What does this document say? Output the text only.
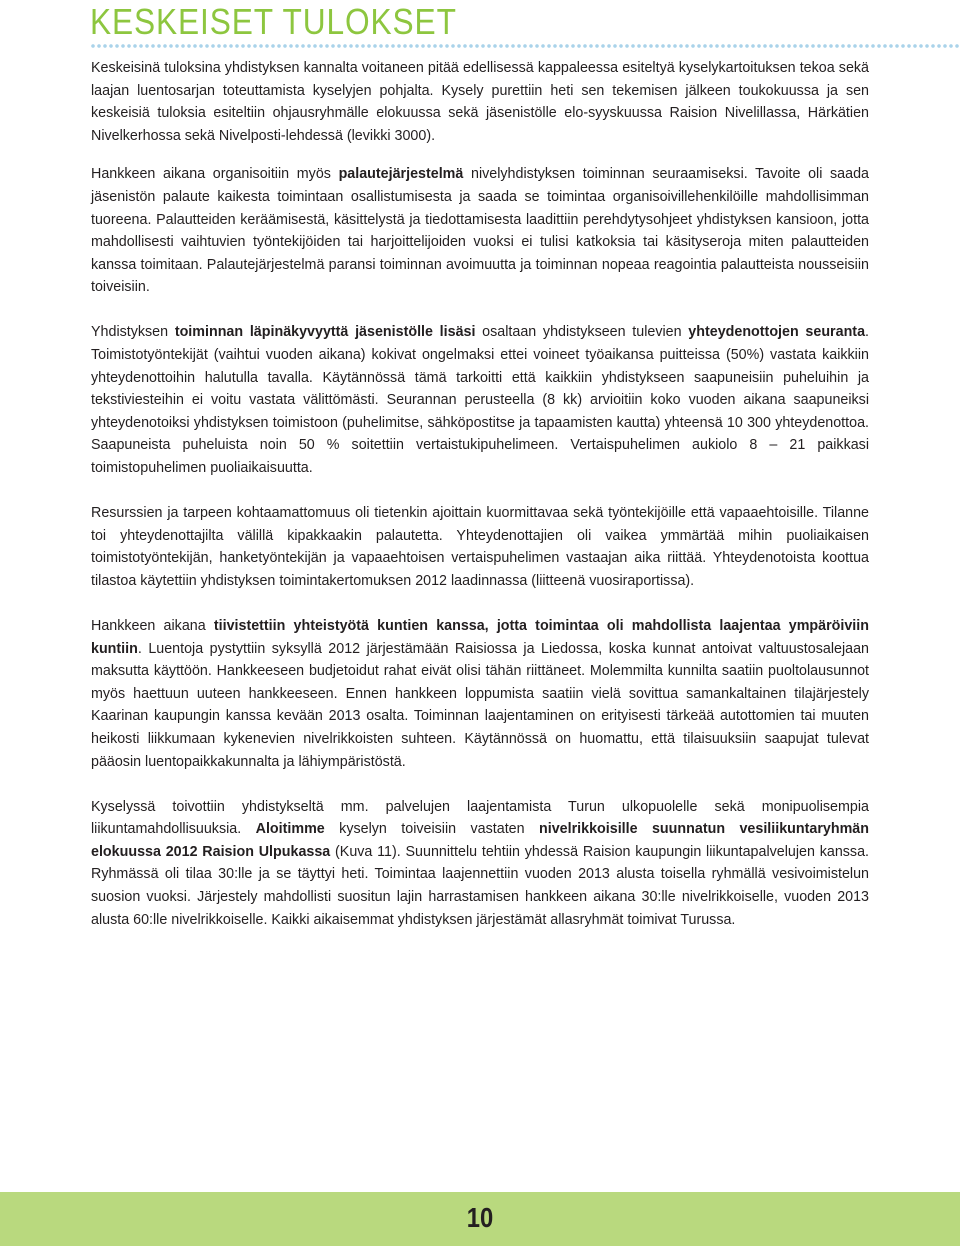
KESKEISET TULOKSET

Keskeisinä tuloksina yhdistyksen kannalta voitaneen pitää edellisessä kappaleessa esiteltyä kyselykartoituksen tekoa sekä laajan luentosarjan toteuttamista kyselyjen pohjalta. Kysely purettiin heti sen tekemisen jälkeen toukokuussa ja sen keskeisiä tuloksia esiteltiin ohjausryhmälle elokuussa sekä jäsenistölle elo-syyskuussa Raision Nivelillassa, Härkätien Nivelkerhossa sekä Nivelposti-lehdessä (levikki 3000).

Hankkeen aikana organisoitiin myös palautejärjestelmä nivelyhdistyksen toiminnan seuraamiseksi. Tavoite oli saada jäsenistön palaute kaikesta toimintaan osallistumisesta ja saada se toimintaa organisoivillehenkilöille mahdollisimman tuoreena. Palautteiden keräämisestä, käsittelystä ja tiedottamisesta laadittiin perehdytysohjeet yhdistyksen kansioon, jotta mahdollisesti vaihtuvien työntekijöiden tai harjoittelijoiden vuoksi ei tulisi katkoksia tai käsityseroja miten palautteiden kanssa toimitaan. Palautejärjestelmä paransi toiminnan avoimuutta ja toiminnan nopeaa reagointia palautteista nousseisiin toiveisiin.

Yhdistyksen toiminnan läpinäkyvyyttä jäsenistölle lisäsi osaltaan yhdistykseen tulevien yhteydenottojen seuranta. Toimistotyöntekijät (vaihtui vuoden aikana) kokivat ongelmaksi ettei voineet työaikansa puitteissa (50%) vastata kaikkiin yhteydenottoihin halutulla tavalla. Käytännössä tämä tarkoitti että kaikkiin yhdistykseen saapuneisiin puheluihin ja tekstiviesteihin ei voitu vastata välittömästi. Seurannan perusteella (8 kk) arvioitiin koko vuoden aikana saapuneiksi yhteydenotoiksi yhdistyksen toimistoon (puhelimitse, sähköpostitse ja tapaamisten kautta) yhteensä 10 300 yhteydenottoa. Saapuneista puheluista noin 50 % soitettiin vertaistukipuhelimeen. Vertaispuhelimen aukiolo 8 – 21 paikkasi toimistopuhelimen puoliaikaisuutta.

Resurssien ja tarpeen kohtaamattomuus oli tietenkin ajoittain kuormittavaa sekä työntekijöille että vapaaehtoisille. Tilanne toi yhteydenottajilta välillä kipakkaakin palautetta. Yhteydenottajien oli vaikea ymmärtää mihin puoliaikaisen toimistotyöntekijän, hanketyöntekijän ja vapaaehtoisen vertaispuhelimen vastaajan aika riittää. Yhteydenotoista koottua tilastoa käytettiin yhdistyksen toimintakertomuksen 2012 laadinnassa (liitteenä vuosiraportissa).

Hankkeen aikana tiivistettiin yhteistyötä kuntien kanssa, jotta toimintaa oli mahdollista laajentaa ympäröiviin kuntiin. Luentoja pystyttiin syksyllä 2012 järjestämään Raisiossa ja Liedossa, koska kunnat antoivat valtuustosalejaan maksutta käyttöön. Hankkeeseen budjetoidut rahat eivät olisi tähän riittäneet. Molemmilta kunnilta saatiin puoltolausunnot myös haettuun uuteen hankkeeseen. Ennen hankkeen loppumista saatiin vielä sovittua samankaltainen tilajärjestely Kaarinan kaupungin kanssa kevään 2013 osalta. Toiminnan laajentaminen on erityisesti tärkeää autottomien tai muuten heikosti liikkumaan kykenevien nivelrikkoisten suhteen. Käytännössä on huomattu, että tilaisuuksiin saapujat tulevat pääosin luentopaikkakunnalta ja lähiympäristöstä.

Kyselyssä toivottiin yhdistykseltä mm. palvelujen laajentamista Turun ulkopuolelle sekä monipuolisempia liikuntamahdollisuuksia. Aloitimme kyselyn toiveisiin vastaten nivelrikkoisille suunnatun vesiliikuntaryhmän elokuussa 2012 Raision Ulpukassa (Kuva 11). Suunnittelu tehtiin yhdessä Raision kaupungin liikuntapalvelujen kanssa. Ryhmässä oli tilaa 30:lle ja se täyttyi heti. Toimintaa laajennettiin vuoden 2013 alusta toisella ryhmällä vesivoimistelun suosion vuoksi. Järjestely mahdollisti suositun lajin harrastamisen hankkeen aikana 30:lle nivelrikkoiselle, vuoden 2013 alusta 60:lle nivelrikkoiselle. Kaikki aikaisemmat yhdistyksen järjestämät allasryhmät toimivat Turussa.

10
